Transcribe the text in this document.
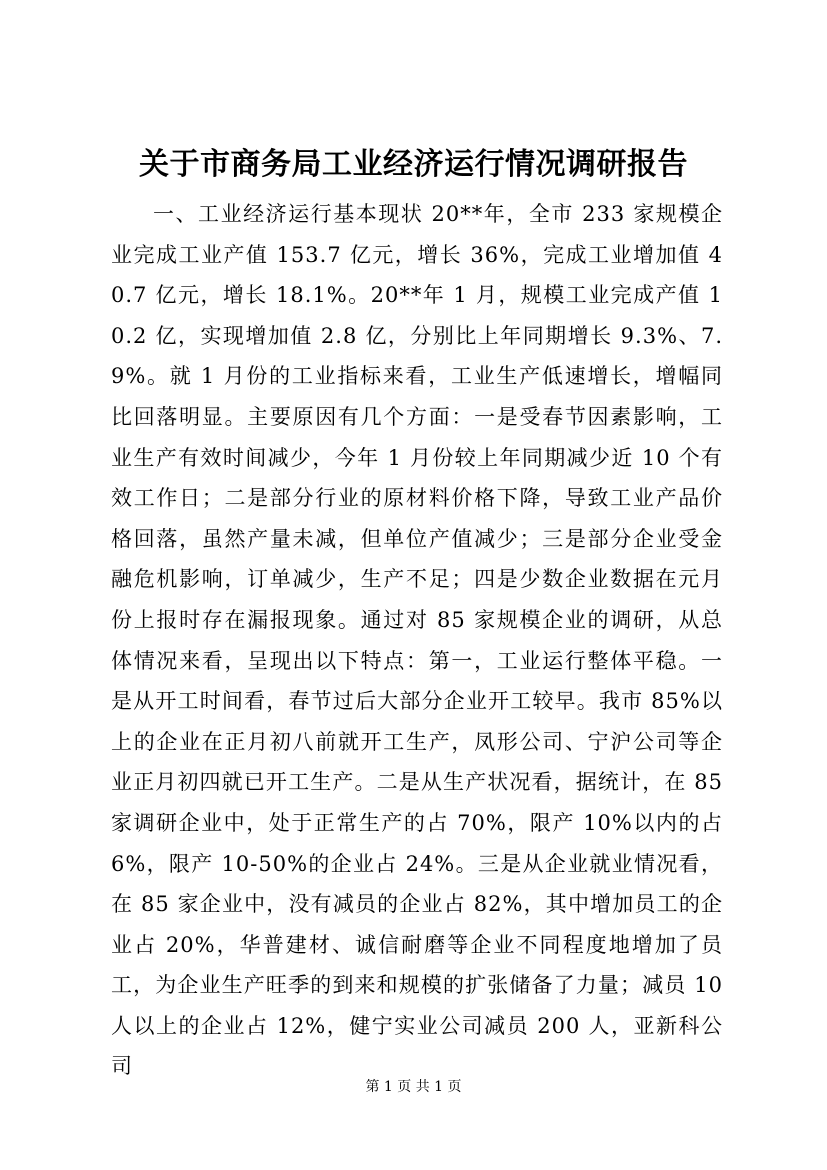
关于市商务局工业经济运行情况调研报告

一、工业经济运行基本现状 20**年，全市 233 家规模企业完成工业产值 153.7 亿元，增长 36%，完成工业增加值 40.7 亿元，增长 18.1%。20**年 1 月，规模工业完成产值 10.2 亿，实现增加值 2.8 亿，分别比上年同期增长 9.3%、7.9%。就 1 月份的工业指标来看，工业生产低速增长，增幅同比回落明显。主要原因有几个方面：一是受春节因素影响，工业生产有效时间减少，今年 1 月份较上年同期减少近 10 个有效工作日；二是部分行业的原材料价格下降，导致工业产品价格回落，虽然产量未减，但单位产值减少；三是部分企业受金融危机影响，订单减少，生产不足；四是少数企业数据在元月份上报时存在漏报现象。通过对 85 家规模企业的调研，从总体情况来看，呈现出以下特点：第一，工业运行整体平稳。一是从开工时间看，春节过后大部分企业开工较早。我市 85%以上的企业在正月初八前就开工生产，凤形公司、宁沪公司等企业正月初四就已开工生产。二是从生产状况看，据统计，在 85 家调研企业中，处于正常生产的占 70%，限产 10%以内的占 6%，限产 10-50%的企业占 24%。三是从企业就业情况看，在 85 家企业中，没有减员的企业占 82%，其中增加员工的企业占 20%，华普建材、诚信耐磨等企业不同程度地增加了员工，为企业生产旺季的到来和规模的扩张储备了力量；减员 10 人以上的企业占 12%，健宁实业公司减员 200 人，亚新科公司

第 1 页 共 1 页
